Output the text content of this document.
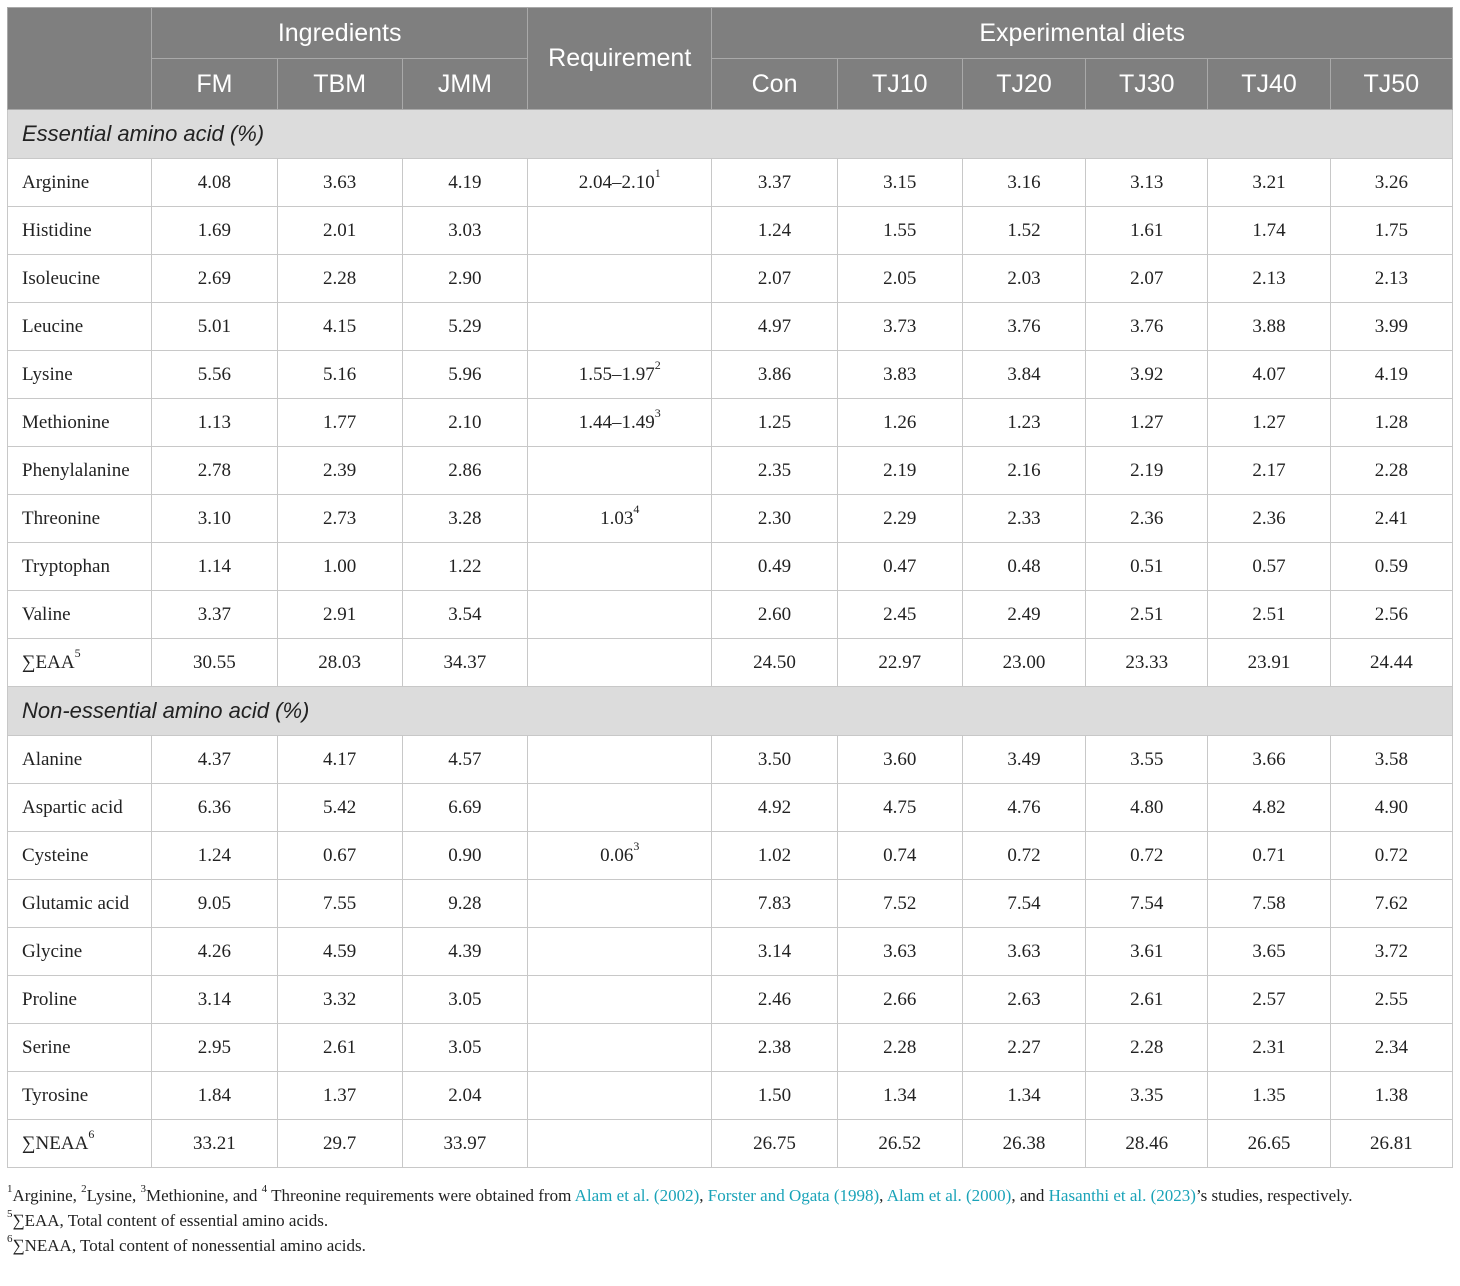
	Ingredients			Requirement	Experimental diets					
	FM	TBM	JMM		Con	TJ10	TJ20	TJ30	TJ40	TJ50
Essential amino acid (%)										
Arginine	4.08	3.63	4.19	2.04–2.10$^1$	3.37	3.15	3.16	3.13	3.21	3.26
Histidine	1.69	2.01	3.03		1.24	1.55	1.52	1.61	1.74	1.75
Isoleucine	2.69	2.28	2.90		2.07	2.05	2.03	2.07	2.13	2.13
Leucine	5.01	4.15	5.29		4.97	3.73	3.76	3.76	3.88	3.99
Lysine	5.56	5.16	5.96	1.55–1.97$^2$	3.86	3.83	3.84	3.92	4.07	4.19
Methionine	1.13	1.77	2.10	1.44–1.49$^3$	1.25	1.26	1.23	1.27	1.27	1.28
Phenylalanine	2.78	2.39	2.86		2.35	2.19	2.16	2.19	2.17	2.28
Threonine	3.10	2.73	3.28	1.03$^4$	2.30	2.29	2.33	2.36	2.36	2.41
Tryptophan	1.14	1.00	1.22		0.49	0.47	0.48	0.51	0.57	0.59
Valine	3.37	2.91	3.54		2.60	2.45	2.49	2.51	2.51	2.56
∑EAA$^5$	30.55	28.03	34.37		24.50	22.97	23.00	23.33	23.91	24.44
Non-essential amino acid (%)										
Alanine	4.37	4.17	4.57		3.50	3.60	3.49	3.55	3.66	3.58
Aspartic acid	6.36	5.42	6.69		4.92	4.75	4.76	4.80	4.82	4.90
Cysteine	1.24	0.67	0.90	0.06$^3$	1.02	0.74	0.72	0.72	0.71	0.72
Glutamic acid	9.05	7.55	9.28		7.83	7.52	7.54	7.54	7.58	7.62
Glycine	4.26	4.59	4.39		3.14	3.63	3.63	3.61	3.65	3.72
Proline	3.14	3.32	3.05		2.46	2.66	2.63	2.61	2.57	2.55
Serine	2.95	2.61	3.05		2.38	2.28	2.27	2.28	2.31	2.34
Tyrosine	1.84	1.37	2.04		1.50	1.34	1.34	3.35	1.35	1.38
∑NEAA$^6$	33.21	29.7	33.97		26.75	26.52	26.38	28.46	26.65	26.81

$^1$Arginine, $^2$Lysine, $^3$Methionine, and $^4$ Threonine requirements were obtained from Alam et al. (2002), Forster and Ogata (1998), Alam et al. (2000), and Hasanthi et al. (2023)’s studies, respectively.

$^5$∑EAA, Total content of essential amino acids.

$^6$∑NEAA, Total content of nonessential amino acids.
